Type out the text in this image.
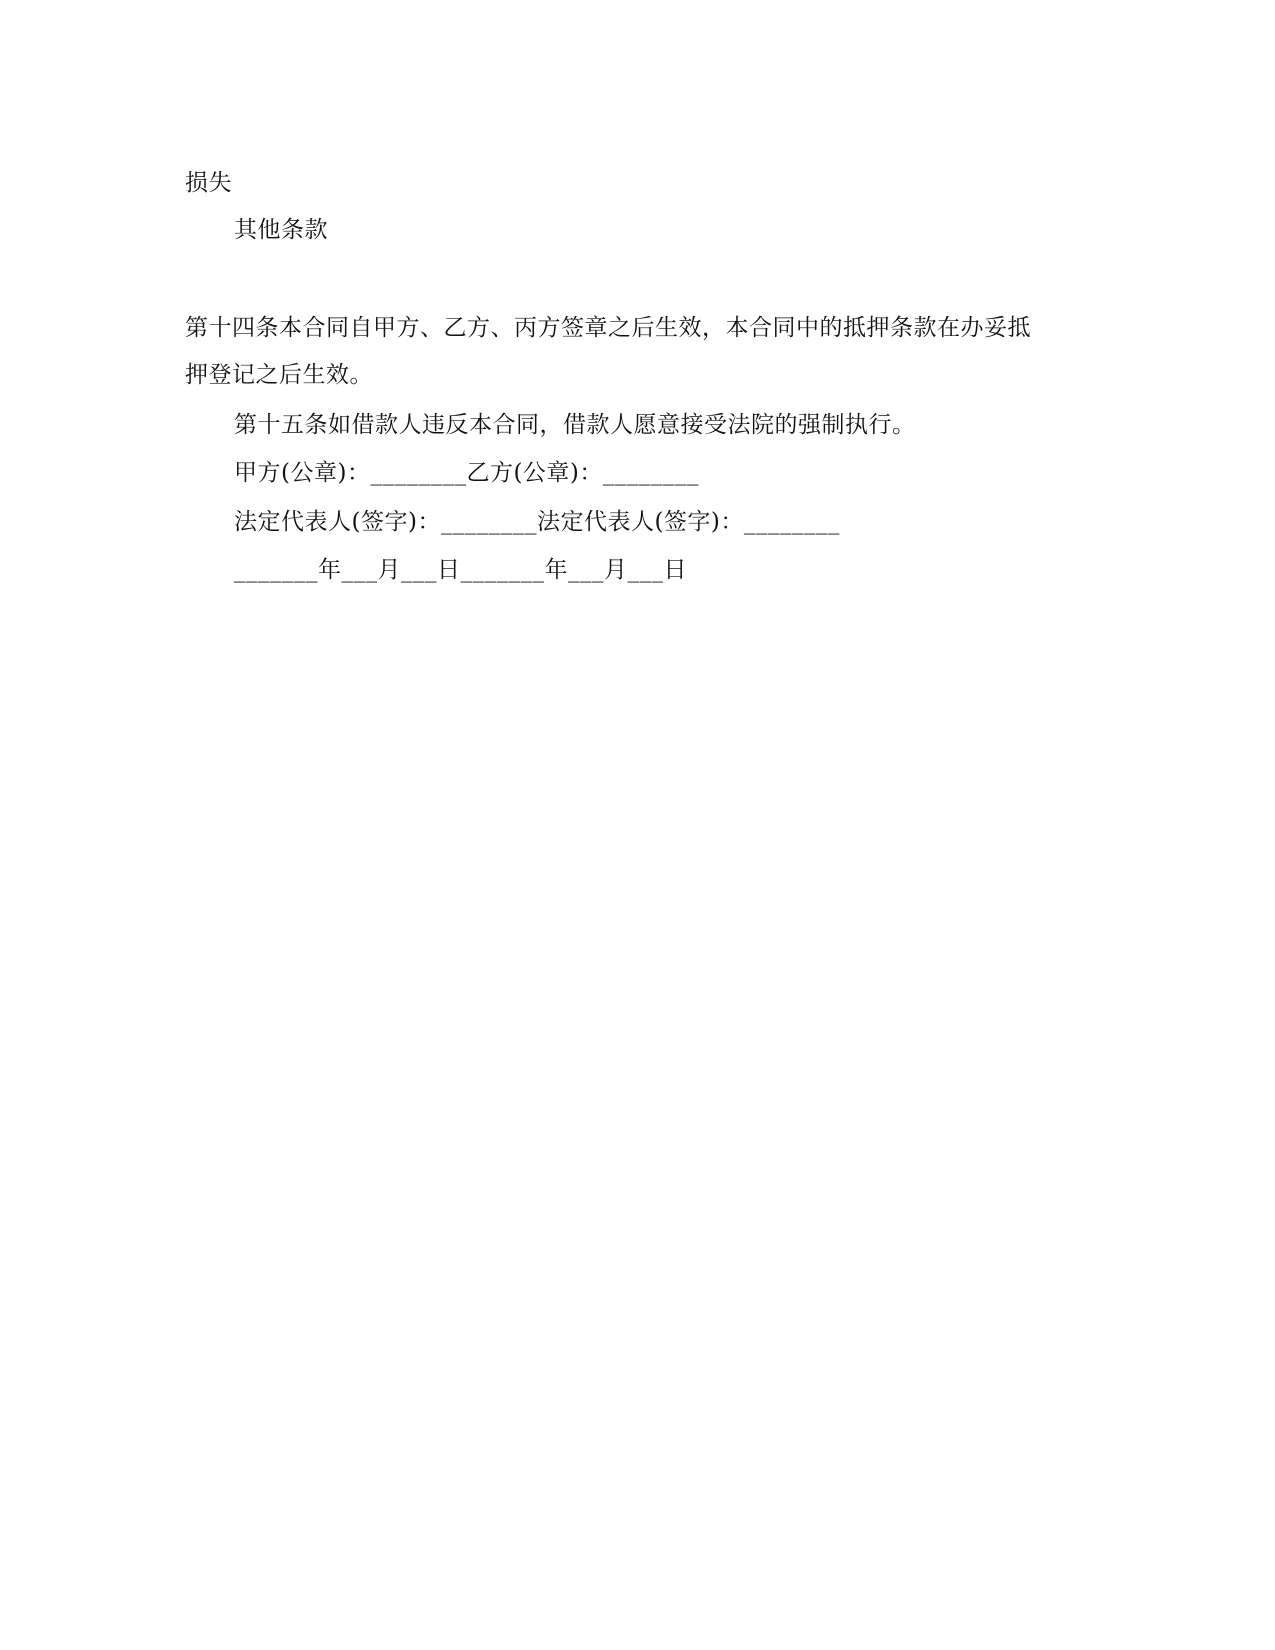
损失
其他条款
第十四条本合同自甲方、乙方、丙方签章之后生效，本合同中的抵押条款在办妥抵
押登记之后生效。
第十五条如借款人违反本合同，借款人愿意接受法院的强制执行。
甲方(公章)：________乙方(公章)：________
法定代表人(签字)：________法定代表人(签字)：________
_______年___月___日_______年___月___日
